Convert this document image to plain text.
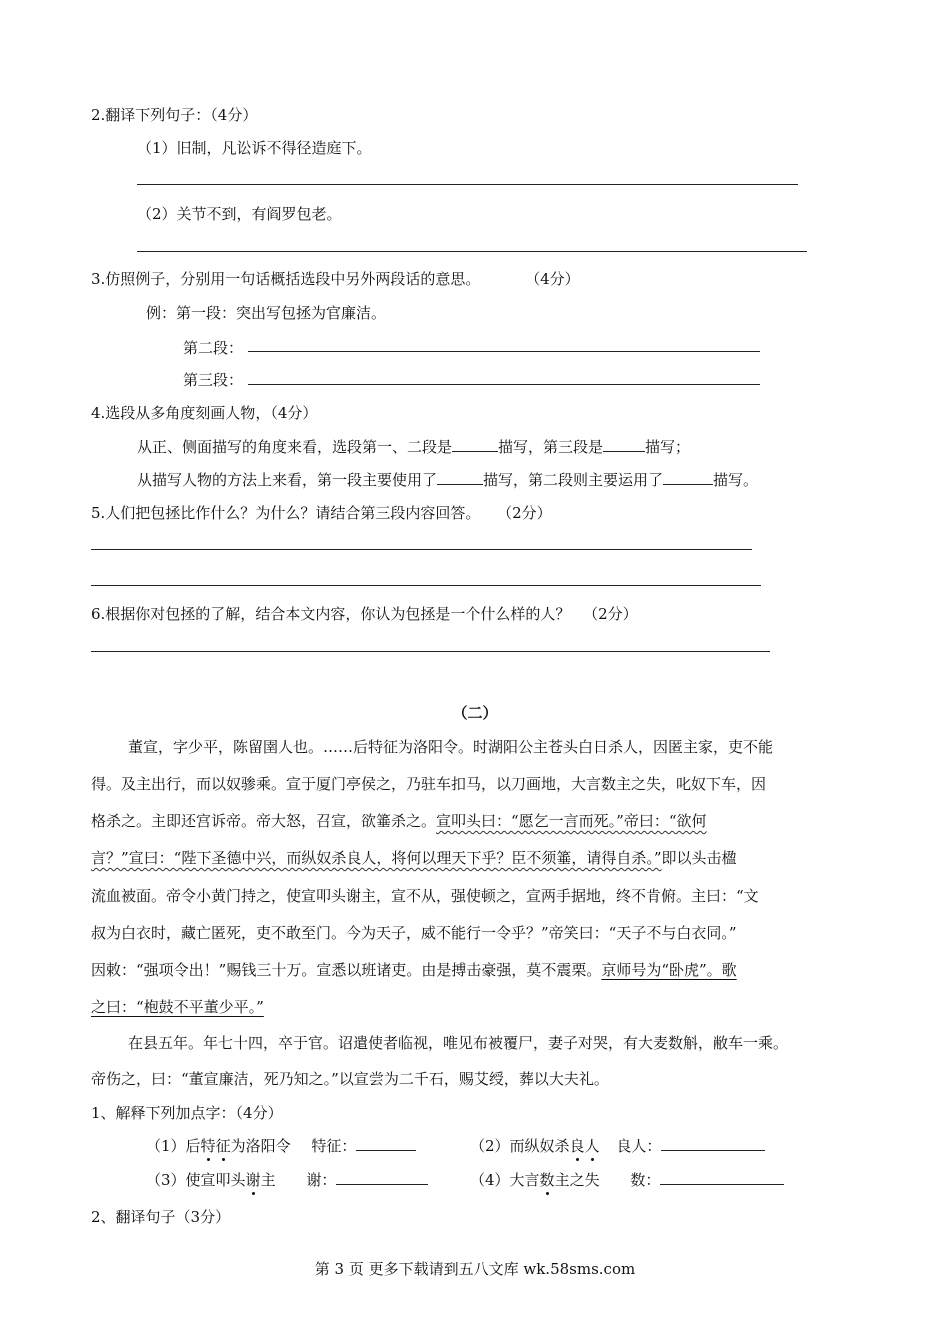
2.翻译下列句子：（4分）
（1）旧制，凡讼诉不得径造庭下。
（2）关节不到，有阎罗包老。
3.仿照例子，分别用一句话概括选段中另外两段话的意思。	（4分）
例：第一段：突出写包拯为官廉洁。
第二段：
第三段：
4.选段从多角度刻画人物，（4分）
从正、侧面描写的角度来看，选段第一、二段是	描写，第三段是	描写；
从描写人物的方法上来看，第一段主要使用了	描写，第二段则主要运用了	描写。
5.人们把包拯比作什么？为什么？请结合第三段内容回答。 （2分）
6.根据你对包拯的了解，结合本文内容，你认为包拯是一个什么样的人？ （2分）
（二）
董宣，字少平，陈留圉人也。……后特征为洛阳令。时湖阳公主苍头白日杀人，因匿主家，吏不能
得。及主出行，而以奴骖乘。宣于厦门亭侯之，乃驻车扣马，以刀画地，大言数主之失，叱奴下车，因
格杀之。主即还宫诉帝。帝大怒，召宣，欲箠杀之。宣叩头曰：“愿乞一言而死。”帝曰：“欲何
言？”宣曰：“陛下圣德中兴，而纵奴杀良人，将何以理天下乎？臣不须箠，请得自杀。”即以头击楹
流血被面。帝令小黄门持之，使宣叩头谢主，宣不从，强使顿之，宣两手据地，终不肯俯。主曰：“文
叔为白衣时，藏亡匿死，吏不敢至门。今为天子，威不能行一令乎？”帝笑曰：“天子不与白衣同。”
因敕：“强项令出！”赐钱三十万。宣悉以班诸吏。由是搏击豪强，莫不震栗。京师号为“卧虎”。歌
之曰：“枹鼓不平董少平。”
在县五年。年七十四，卒于官。诏遣使者临视，唯见布被覆尸，妻子对哭，有大麦数斛，敝车一乘。
帝伤之，曰：“董宣廉洁，死乃知之。”以宣尝为二千石，赐艾绶，葬以大夫礼。
1、解释下列加点字：（4分）
（1）后特征为洛阳令 特征：	（2）而纵奴杀良人 良人：
（3）使宣叩头谢主 谢：	（4）大言数主之失 数：
2、翻译句子（3分）
第 3 页 更多下载请到五八文库 wk.58sms.com
